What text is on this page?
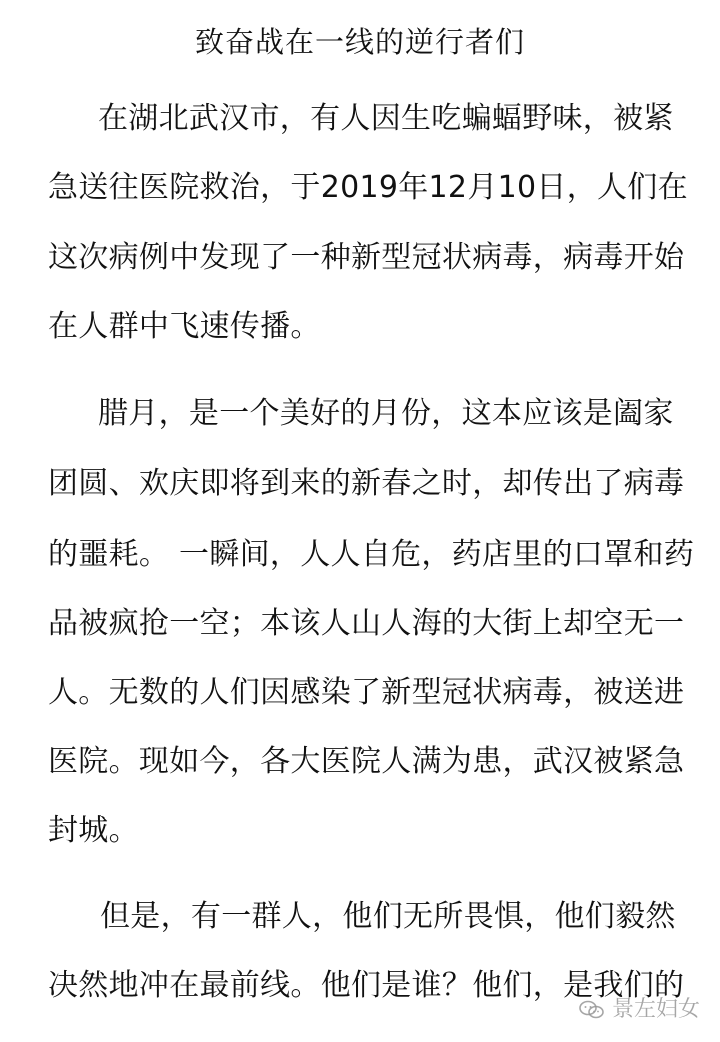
致奋战在一线的逆行者们
在湖北武汉市，有人因生吃蝙蝠野味，被紧
急送往医院救治，于2019年12月10日，人们在
这次病例中发现了一种新型冠状病毒，病毒开始
在人群中飞速传播。
腊月，是一个美好的月份，这本应该是阖家
团圆、欢庆即将到来的新春之时，却传出了病毒
的噩耗。 一瞬间，人人自危，药店里的口罩和药
品被疯抢一空；本该人山人海的大街上却空无一
人。无数的人们因感染了新型冠状病毒，被送进
医院。现如今，各大医院人满为患，武汉被紧急
封城。
但是，有一群人，他们无所畏惧，他们毅然
决然地冲在最前线。他们是谁？他们，是我们的
景左妇女
